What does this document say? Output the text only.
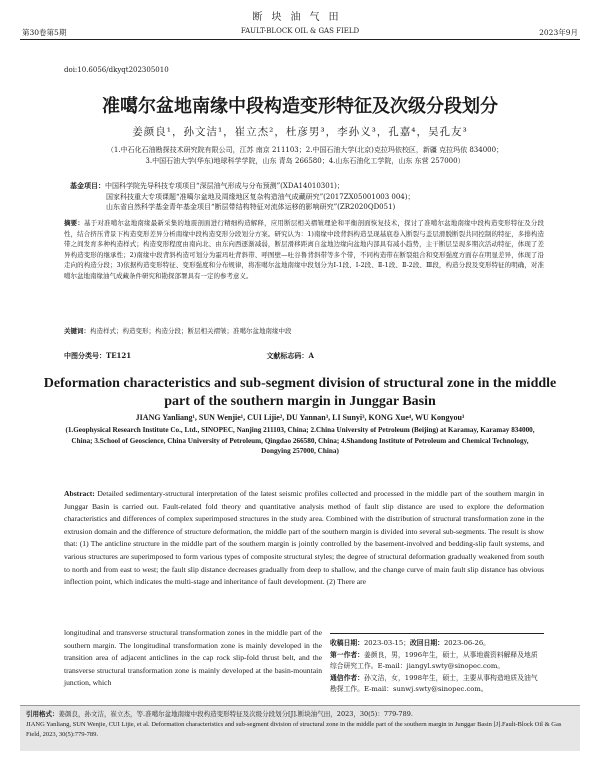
断块油气田
第30卷第5期	FAULT-BLOCK OIL & GAS FIELD	2023年9月
doi:10.6056/dkyqt202305010
准噶尔盆地南缘中段构造变形特征及次级分段划分
姜颜良¹，孙文洁¹，崔立杰²，杜彦男³，李孙义³，孔嘉⁴，吴孔友³
（1.中石化石油勘探技术研究院有限公司，江苏 南京 211103；2.中国石油大学(北京)克拉玛依校区，新疆 克拉玛依 834000；
3.中国石油大学(华东)地球科学学院，山东 青岛 266580；4.山东石油化工学院，山东 东营 257000）
基金项目：中国科学院先导科技专项项目“深层油气形成与分布预测”(XDA14010301)；
国家科技重大专项课题“准噶尔盆地及周缘地区复杂构造油气成藏研究”(2017ZX05001003 004)；
山东省自然科学基金青年基金项目“断层带结构特征对流体运移的影响研究”(ZR2020QD051)
摘要：基于对准噶尔盆地南缘最新采集的地震剖面进行精细构造解释，应用断层相关褶皱理论和平衡剖面恢复技术，探讨了准噶尔盆地南缘中段构造变形特征及分段性，结合挤压背景下构造变形差异分析南缘中段构造变形分段划分方案。研究认为：1)南缘中段背斜构造呈现基底卷入断裂与盖层滑脱断裂共同控制的特征，多排构造带之间发育多种构造样式；构造变形程度由南向北、由东向西逐渐减弱，断层滑移距离自盆地边缘向盆地内部具有减小趋势，主干断层呈现多期次活动特征，体现了差异构造变形的继承性；2)南缘中段背斜构造可划分为霍玛吐背斜带、呼图壁—吐谷鲁背斜带等多个带，不同构造带在断裂组合和变形强度方面存在明显差异，体现了沿走向的构造分段；3)依据构造变形特征、变形强度和分布规律，将准噶尔盆地南缘中段划分为Ⅰ-1段、Ⅰ-2段、Ⅱ-1段、Ⅱ-2段、Ⅲ段，构造分段及变形特征的明确，对准噶尔盆地南缘油气成藏条件研究和勘探部署具有一定的参考意义。
关键词：构造样式；构造变形；构造分段；断层相关褶皱；准噶尔盆地南缘中段
中图分类号：TE121	文献标志码：A
Deformation characteristics and sub-segment division of structural zone in the middle part of the southern margin in Junggar Basin
JIANG Yanliang¹, SUN Wenjie¹, CUI Lijie², DU Yannan³, LI Sunyi³, KONG Xue⁴, WU Kongyou³
(1.Geophysical Research Institute Co., Ltd., SINOPEC, Nanjing 211103, China; 2.China University of Petroleum (Beijing) at Karamay, Karamay 834000, China; 3.School of Geoscience, China University of Petroleum, Qingdao 266580, China; 4.Shandong Institute of Petroleum and Chemical Technology, Dongying 257000, China)
Abstract: Detailed sedimentary-structural interpretation of the latest seismic profiles collected and processed in the middle part of the southern margin in Junggar Basin is carried out. Fault-related fold theory and quantitative analysis method of fault slip distance are used to explore the deformation characteristics and differences of complex superimposed structures in the study area. Combined with the distribution of structural transformation zone in the extrusion domain and the difference of structure deformation, the middle part of the southern margin is divided into several sub-segments. The result is show that: (1) The anticline structure in the middle part of the southern margin is jointly controlled by the basement-involved and bedding-slip fault systems, and various structures are superimposed to form various types of composite structural styles; the degree of structural deformation gradually weakened from south to north and from east to west; the fault slip distance decreases gradually from deep to shallow, and the change curve of main fault slip distance has obvious inflection point, which indicates the multi-stage and inheritance of fault development. (2) There are
longitudinal and transverse structural transformation zones in the middle part of the southern margin. The longitudinal transformation zone is mainly developed in the transition area of adjacent anticlines in the cap rock slip-fold thrust belt, and the transverse structural transformation zone is mainly developed at the basin-mountain junction, which
收稿日期：2023-03-15；改回日期：2023-06-26。
第一作者：姜颜良，男，1996年生，硕士，从事地震资料解释及地质综合研究工作。E-mail：jiangyl.swty@sinopec.com。
通信作者：孙文洁，女，1998年生，硕士，主要从事构造地质及油气勘探工作。E-mail：sunwj.swty@sinopec.com。
引用格式：姜颜良，孙文洁，崔立杰，等.准噶尔盆地南缘中段构造变形特征及次级分段划分[J].断块油气田，2023，30(5)：779-789.
JIANG Yanliang, SUN Wenjie, CUI Lijie, et al. Deformation characteristics and sub-segment division of structural zone in the middle part of the southern margin in Junggar Basin [J].Fault-Block Oil & Gas Field, 2023, 30(5):779-789.
